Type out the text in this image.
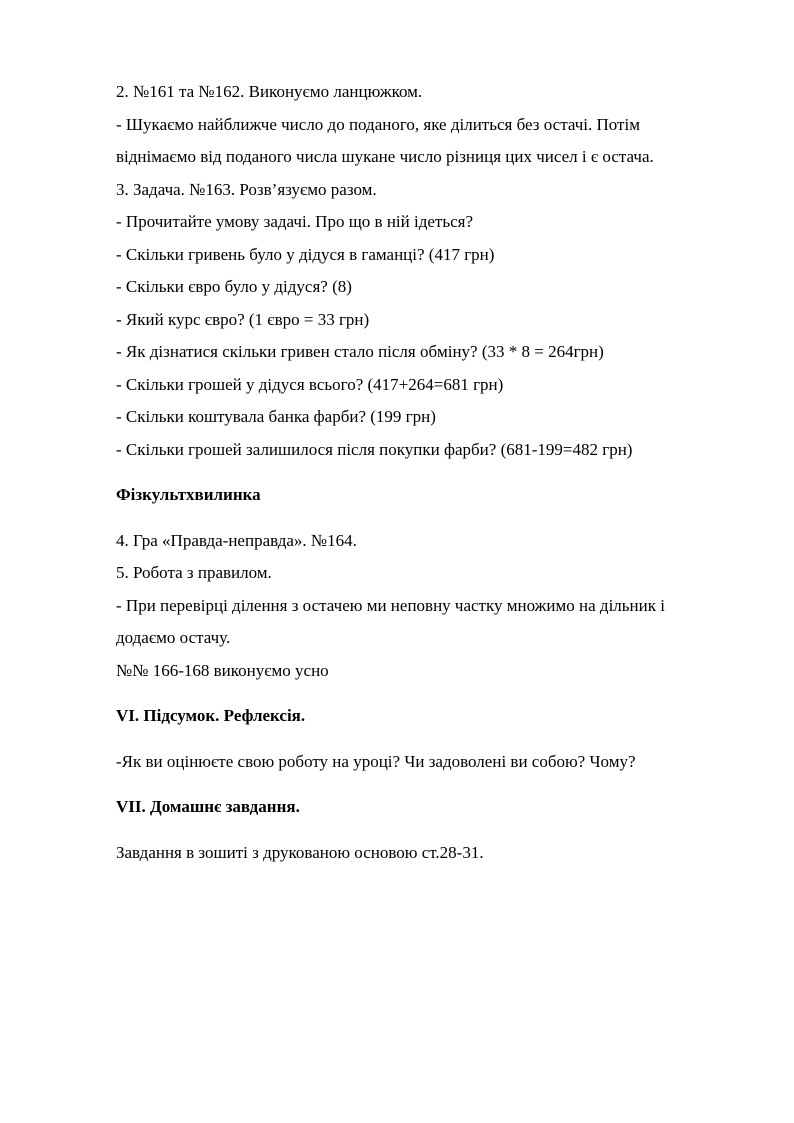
2. №161 та №162. Виконуємо ланцюжком.
- Шукаємо найближче число до поданого, яке ділиться без остачі. Потім
віднімаємо від поданого числа шукане число різниця цих чисел і є остача.
3. Задача. №163. Розв’язуємо разом.
- Прочитайте умову задачі. Про що в ній ідеться?
- Скільки гривень було у дідуся в гаманці? (417 грн)
- Скільки євро було у дідуся? (8)
- Який курс євро? (1 євро = 33 грн)
- Як дізнатися скільки гривен стало після обміну? (33 * 8 = 264грн)
- Скільки грошей у дідуся всього? (417+264=681 грн)
- Скільки коштувала банка фарби? (199 грн)
- Скільки грошей залишилося після покупки фарби? (681-199=482 грн)
Фізкультхвилинка
4. Гра «Правда-неправда». №164.
5. Робота з правилом.
- При перевірці ділення з остачею ми неповну частку множимо на дільник і
додаємо остачу.
№№ 166-168 виконуємо усно
VI. Підсумок. Рефлексія.
-Як ви оцінюєте свою роботу на уроці? Чи задоволені ви собою? Чому?
VII. Домашнє завдання.
Завдання в зошиті з друкованою основою ст.28-31.
